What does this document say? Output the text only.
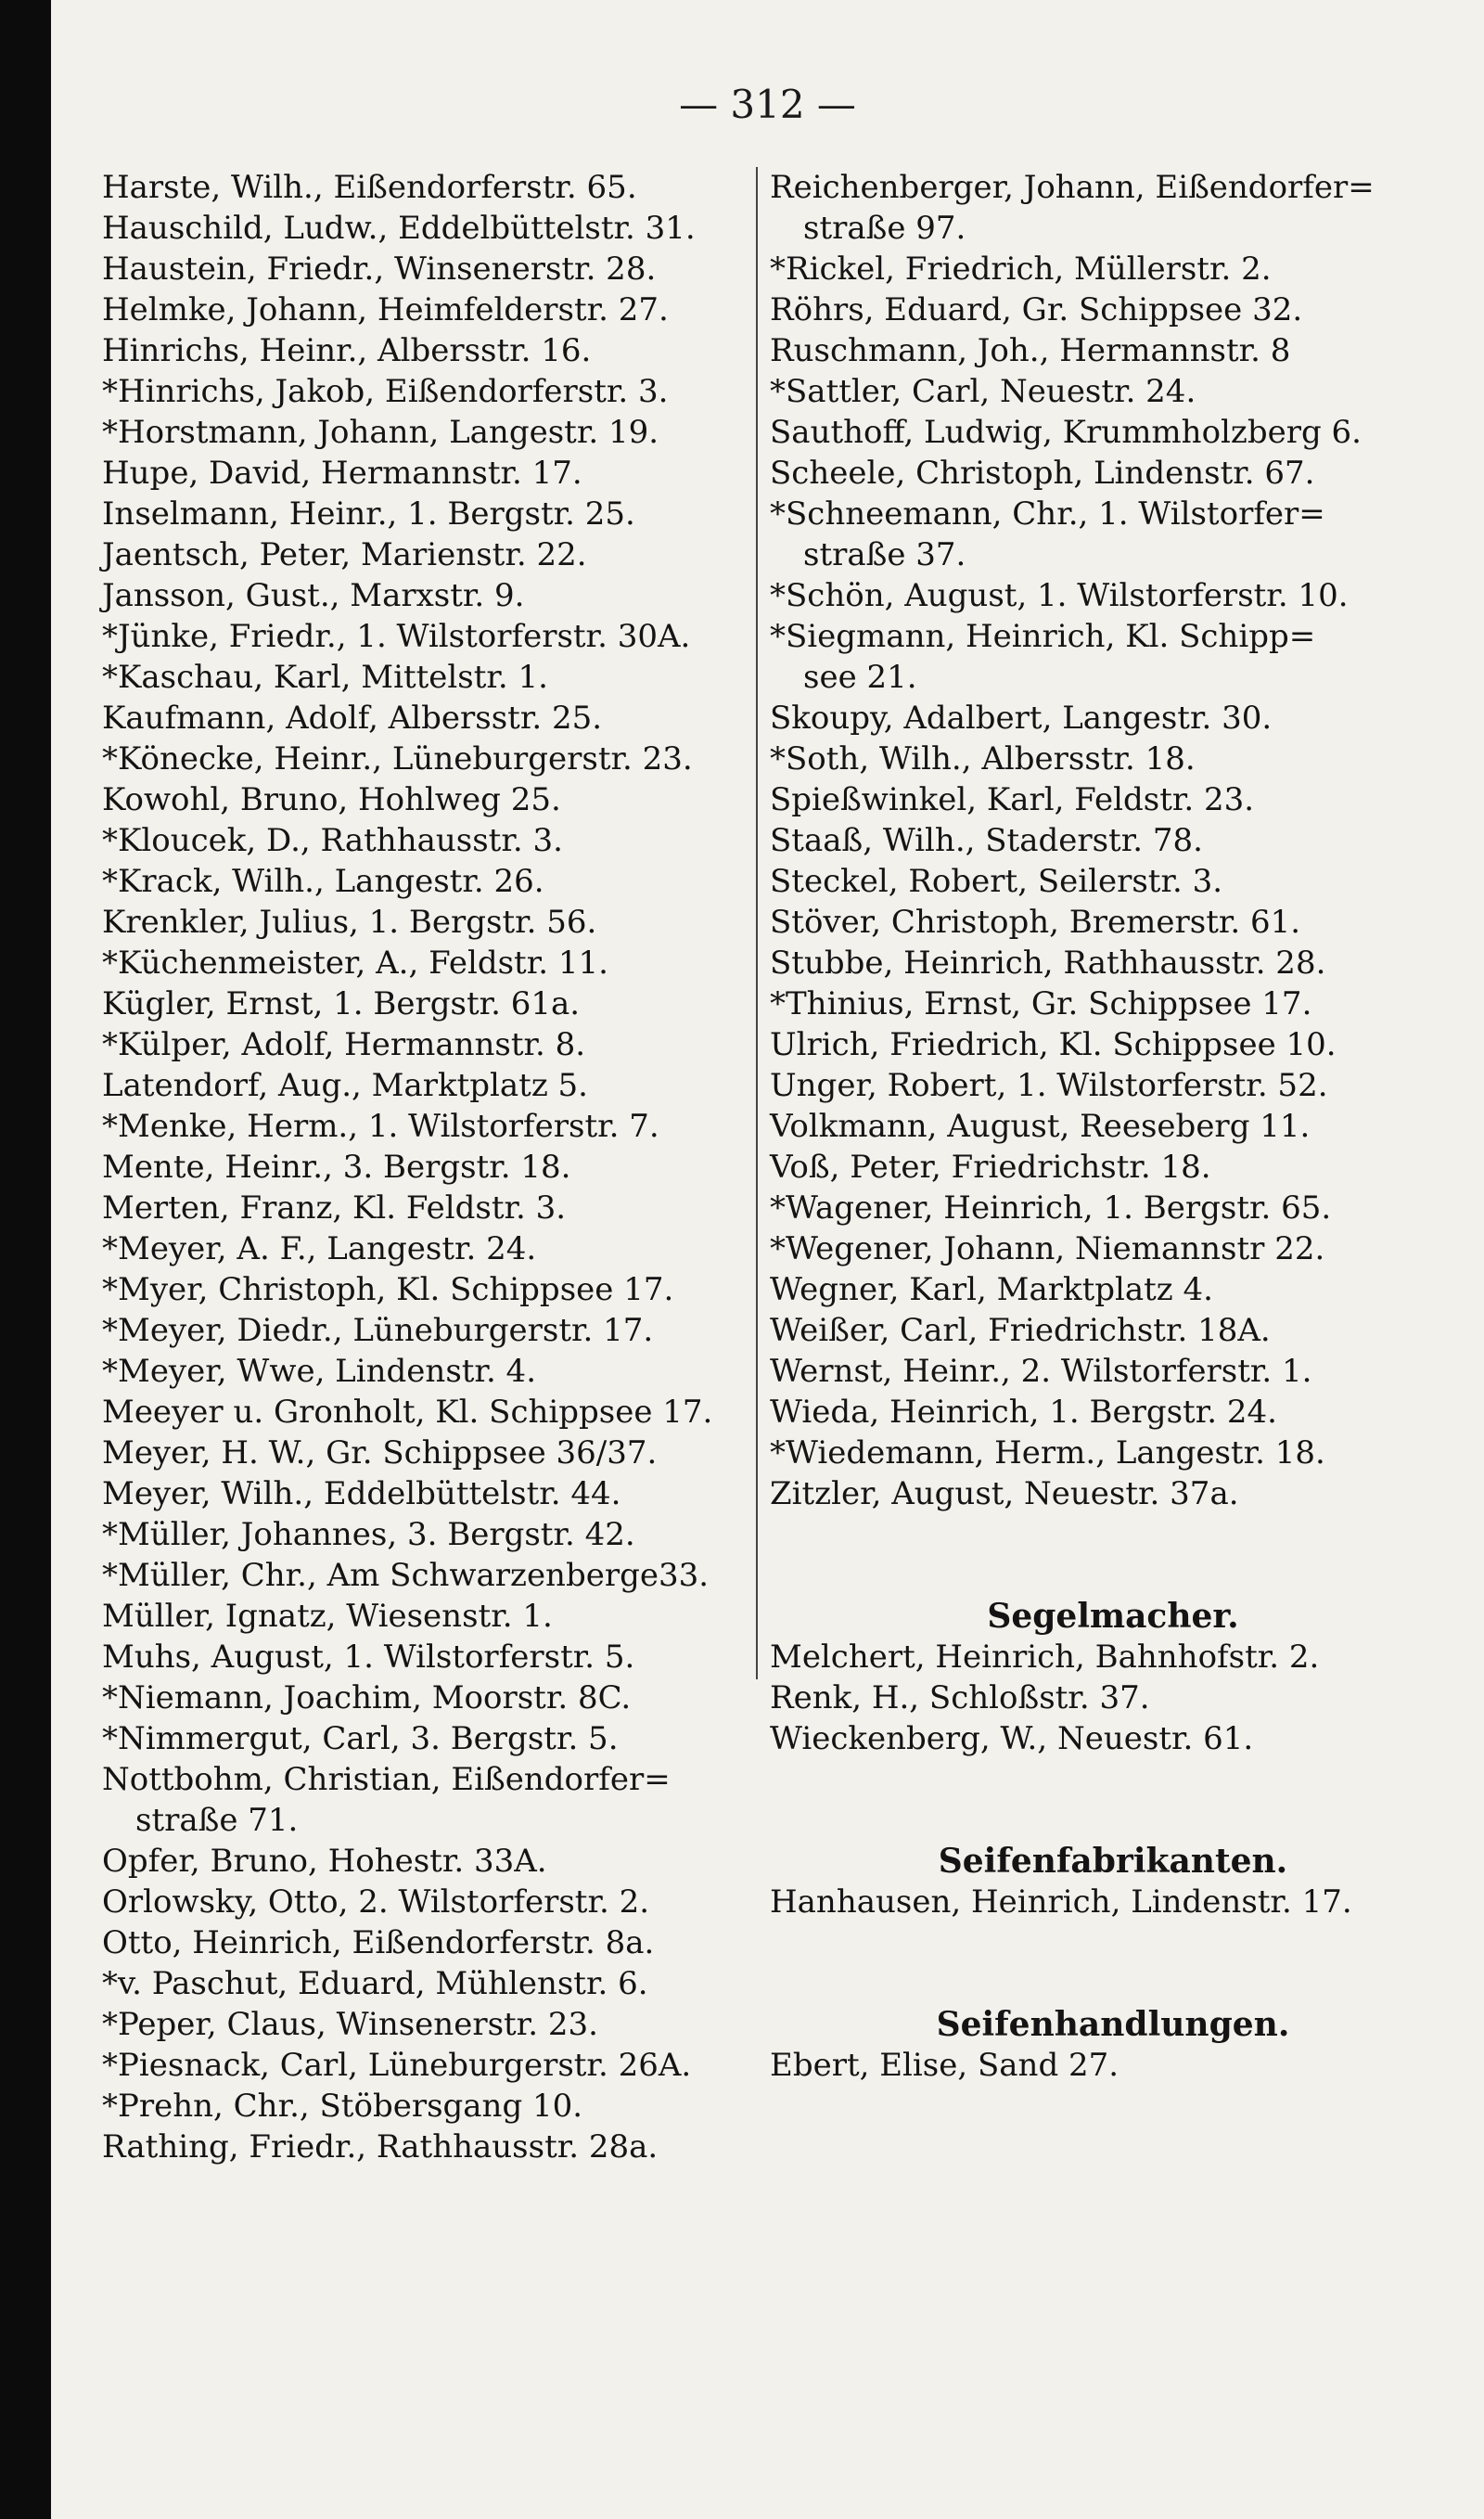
— 312 —
Harste, Wilh., Eißendorferstr. 65.
Hauschild, Ludw., Eddelbüttelstr. 31.
Haustein, Friedr., Winsenerstr. 28.
Helmke, Johann, Heimfelderstr. 27.
Hinrichs, Heinr., Albersstr. 16.
*Hinrichs, Jakob, Eißendorferstr. 3.
*Horstmann, Johann, Langestr. 19.
Hupe, David, Hermannstr. 17.
Inselmann, Heinr., 1. Bergstr. 25.
Jaentsch, Peter, Marienstr. 22.
Jansson, Gust., Marxstr. 9.
*Jünke, Friedr., 1. Wilstorferstr. 30A.
*Kaschau, Karl, Mittelstr. 1.
Kaufmann, Adolf, Albersstr. 25.
*Könecke, Heinr., Lüneburgerstr. 23.
Kowohl, Bruno, Hohlweg 25.
*Kloucek, D., Rathhausstr. 3.
*Krack, Wilh., Langestr. 26.
Krenkler, Julius, 1. Bergstr. 56.
*Küchenmeister, A., Feldstr. 11.
Kügler, Ernst, 1. Bergstr. 61a.
*Külper, Adolf, Hermannstr. 8.
Latendorf, Aug., Marktplatz 5.
*Menke, Herm., 1. Wilstorferstr. 7.
Mente, Heinr., 3. Bergstr. 18.
Merten, Franz, Kl. Feldstr. 3.
*Meyer, A. F., Langestr. 24.
*Myer, Christoph, Kl. Schippsee 17.
*Meyer, Diedr., Lüneburgerstr. 17.
*Meyer, Wwe, Lindenstr. 4.
Meeyer u. Gronholt, Kl. Schippsee 17.
Meyer, H. W., Gr. Schippsee 36/37.
Meyer, Wilh., Eddelbüttelstr. 44.
*Müller, Johannes, 3. Bergstr. 42.
*Müller, Chr., Am Schwarzenberge33.
Müller, Ignatz, Wiesenstr. 1.
Muhs, August, 1. Wilstorferstr. 5.
*Niemann, Joachim, Moorstr. 8C.
*Nimmergut, Carl, 3. Bergstr. 5.
Nottbohm, Christian, Eißendorfer=
straße 71.
Opfer, Bruno, Hohestr. 33A.
Orlowsky, Otto, 2. Wilstorferstr. 2.
Otto, Heinrich, Eißendorferstr. 8a.
*v. Paschut, Eduard, Mühlenstr. 6.
*Peper, Claus, Winsenerstr. 23.
*Piesnack, Carl, Lüneburgerstr. 26A.
*Prehn, Chr., Stöbersgang 10.
Rathing, Friedr., Rathhausstr. 28a.
Reichenberger, Johann, Eißendorfer=
straße 97.
*Rickel, Friedrich, Müllerstr. 2.
Röhrs, Eduard, Gr. Schippsee 32.
Ruschmann, Joh., Hermannstr. 8
*Sattler, Carl, Neuestr. 24.
Sauthoff, Ludwig, Krummholzberg 6.
Scheele, Christoph, Lindenstr. 67.
*Schneemann, Chr., 1. Wilstorfer=
straße 37.
*Schön, August, 1. Wilstorferstr. 10.
*Siegmann, Heinrich, Kl. Schipp=
see 21.
Skoupy, Adalbert, Langestr. 30.
*Soth, Wilh., Albersstr. 18.
Spießwinkel, Karl, Feldstr. 23.
Staaß, Wilh., Staderstr. 78.
Steckel, Robert, Seilerstr. 3.
Stöver, Christoph, Bremerstr. 61.
Stubbe, Heinrich, Rathhausstr. 28.
*Thinius, Ernst, Gr. Schippsee 17.
Ulrich, Friedrich, Kl. Schippsee 10.
Unger, Robert, 1. Wilstorferstr. 52.
Volkmann, August, Reeseberg 11.
Voß, Peter, Friedrichstr. 18.
*Wagener, Heinrich, 1. Bergstr. 65.
*Wegener, Johann, Niemannstr 22.
Wegner, Karl, Marktplatz 4.
Weißer, Carl, Friedrichstr. 18A.
Wernst, Heinr., 2. Wilstorferstr. 1.
Wieda, Heinrich, 1. Bergstr. 24.
*Wiedemann, Herm., Langestr. 18.
Zitzler, August, Neuestr. 37a.
Segelmacher.
Melchert, Heinrich, Bahnhofstr. 2.
Renk, H., Schloßstr. 37.
Wieckenberg, W., Neuestr. 61.
Seifenfabrikanten.
Hanhausen, Heinrich, Lindenstr. 17.
Seifenhandlungen.
Ebert, Elise, Sand 27.
